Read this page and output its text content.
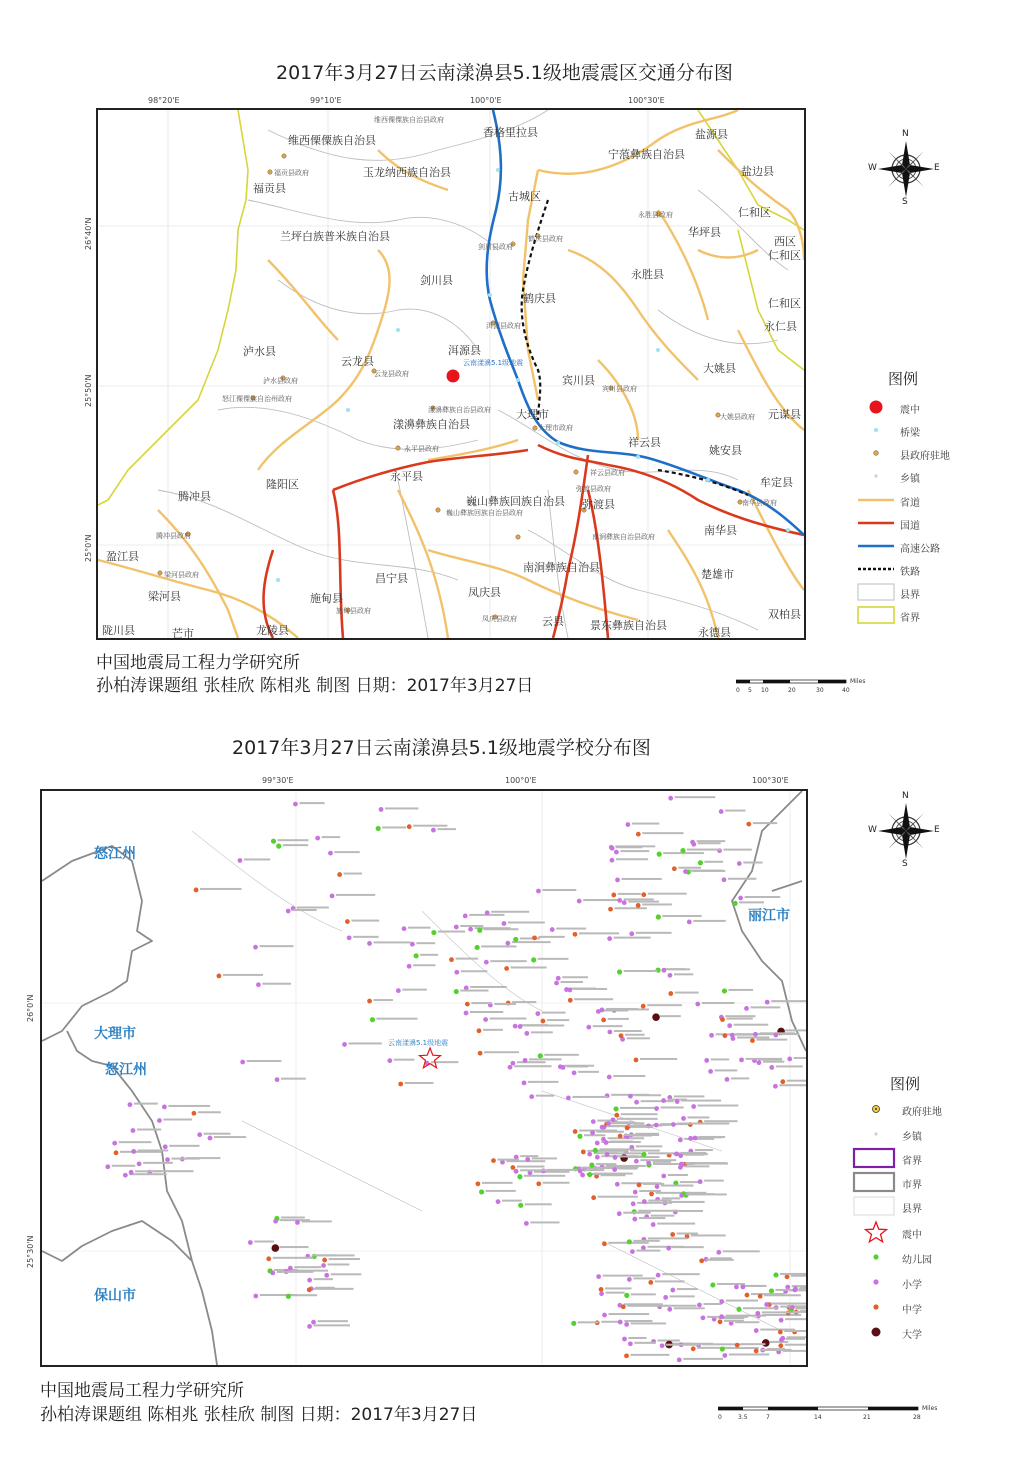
2017年3月27日云南漾濞县5.1级地震震区交通分布图
98°20'E	99°10'E	100°0'E	100°30'E
26°40'N
25°50'N
25°0'N
维西傈僳族自治县
香格里拉县
玉龙纳西族自治县
福贡县
兰坪白族普米族自治县
剑川县
云龙县
洱源县
泸水县
漾濞彝族自治县
永平县
腾冲县
隆阳区
巍山彝族回族自治县 弥渡县
南涧彝族自治县
昌宁县
施甸县	凤庆县
云县 景东彝族自治县
双柏县
南华县
楚雄市
祥云县
宾川县
鹤庆县
古城区
宁蒗彝族自治县
永胜县
华坪县
盐源县
盐边县
仁和区
西区
仁和区
仁和区
永仁县
大姚县
姚安县
元谋县
牟定县
大理市
盈江县
梁河县
陇川县	芒市	龙陵县	永德县
云南漾濞5.1级地震
维西傈僳族自治县政府
福贡县政府
剑川县政府
鹤庆县政府
洱源县政府
云龙县政府
泸水县政府
怒江傈僳族自治州政府
漾濞彝族自治县政府
大理市政府
永平县政府
宾川县政府
祥云县政府
弥渡县政府
巍山彝族回族自治县政府
南涧彝族自治县政府
永胜县政府
大姚县政府
南华县政府
腾冲县政府
梁河县政府
施甸县政府
凤庆县政府
N
S
W	E
图例
震中
桥梁
县政府驻地
乡镇
省道
国道
高速公路
铁路
县界
省界
中国地震局工程力学研究所
孙柏涛课题组 张桂欣 陈相兆 制图 日期：2017年3月27日	0 5 10	20	30	40
Miles
2017年3月27日云南漾濞县5.1级地震学校分布图
99°30'E	100°0'E	100°30'E
26°0'N
25°30'N
怒江州
丽江市
大理市
怒江州
保山市
云南漾濞5.1级地震
N
S
W	E
图例
政府驻地
乡镇
省界
市界
县界
震中
幼儿园
小学
中学
大学
中国地震局工程力学研究所
孙柏涛课题组 陈相兆 张桂欣 制图 日期：2017年3月27日	0	3.5	7	14	21	28
Miles
